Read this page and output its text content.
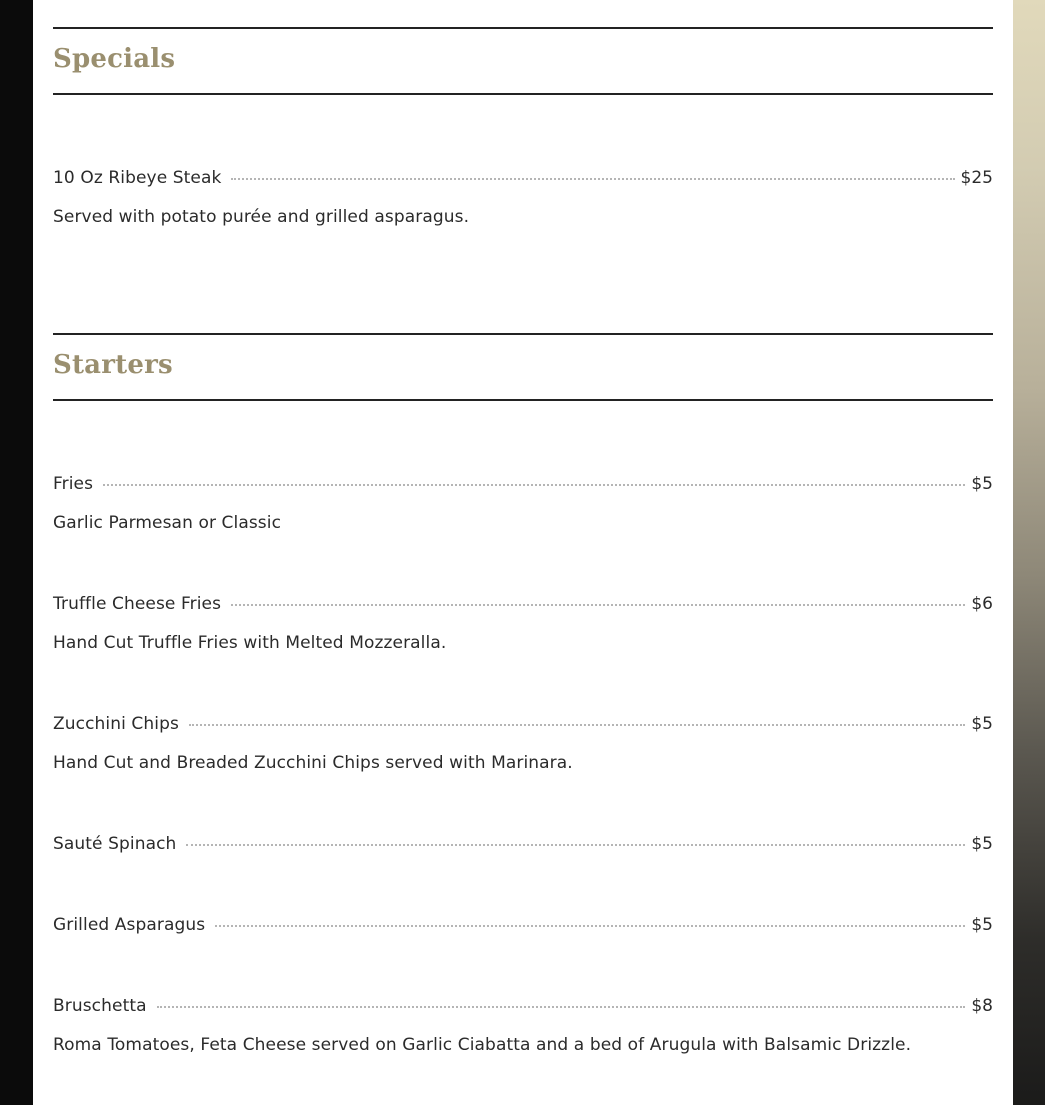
Specials
10 Oz Ribeye Steak	$25
Served with potato purée and grilled asparagus.
Starters
Fries	$5
Garlic Parmesan or Classic
Truffle Cheese Fries	$6
Hand Cut Truffle Fries with Melted Mozzeralla.
Zucchini Chips	$5
Hand Cut and Breaded Zucchini Chips served with Marinara.
Sauté Spinach	$5
Grilled Asparagus	$5
Bruschetta	$8
Roma Tomatoes, Feta Cheese served on Garlic Ciabatta and a bed of Arugula with Balsamic Drizzle.
